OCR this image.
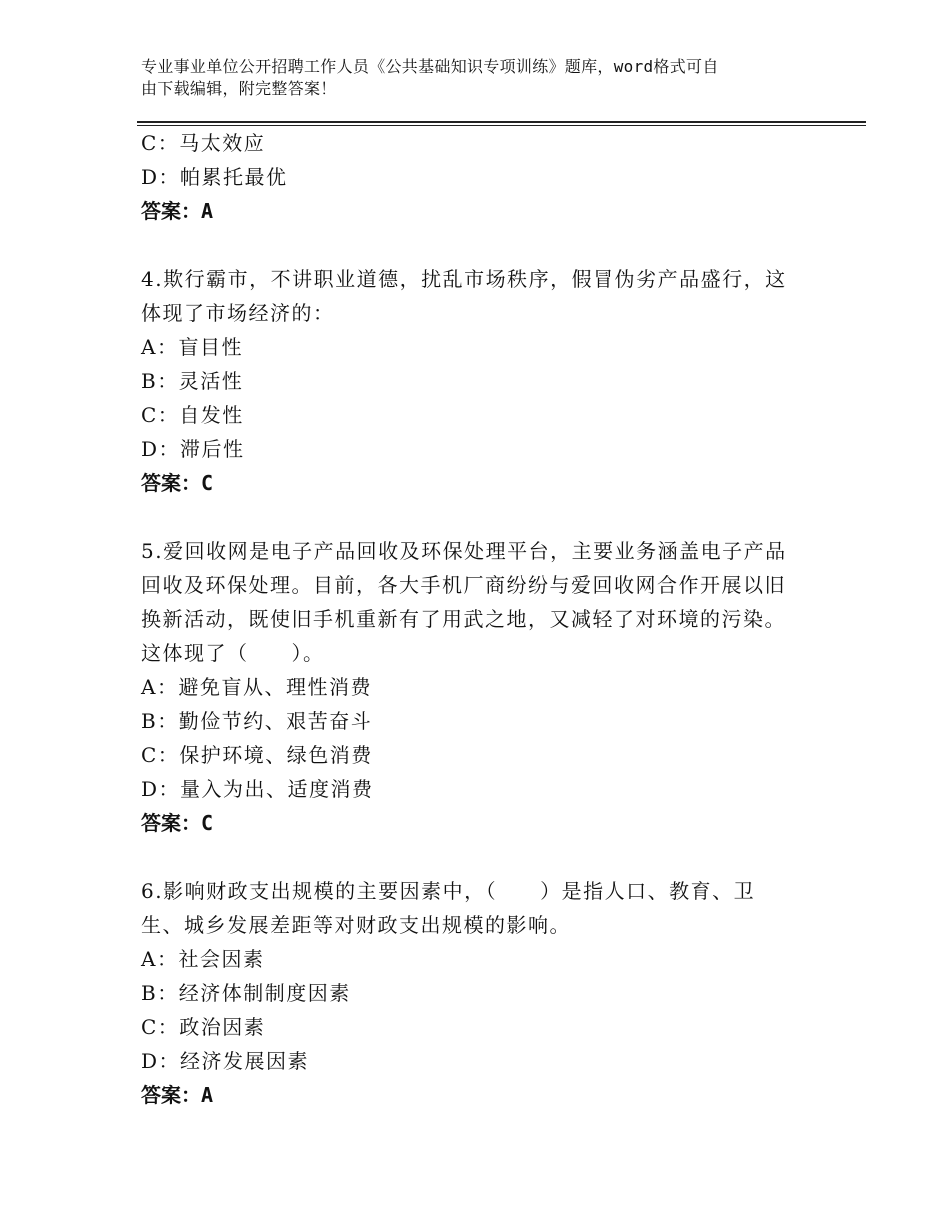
专业事业单位公开招聘工作人员《公共基础知识专项训练》题库，word格式可自
由下载编辑，附完整答案！
C：马太效应
D：帕累托最优
答案：A
4.欺行霸市，不讲职业道德，扰乱市场秩序，假冒伪劣产品盛行，这
体现了市场经济的：
A：盲目性
B：灵活性
C：自发性
D：滞后性
答案：C
5.爱回收网是电子产品回收及环保处理平台，主要业务涵盖电子产品
回收及环保处理。目前，各大手机厂商纷纷与爱回收网合作开展以旧
换新活动，既使旧手机重新有了用武之地，又减轻了对环境的污染。
这体现了（　　）。
A：避免盲从、理性消费
B：勤俭节约、艰苦奋斗
C：保护环境、绿色消费
D：量入为出、适度消费
答案：C
6.影响财政支出规模的主要因素中，（　　）是指人口、教育、卫
生、城乡发展差距等对财政支出规模的影响。
A：社会因素
B：经济体制制度因素
C：政治因素
D：经济发展因素
答案：A
